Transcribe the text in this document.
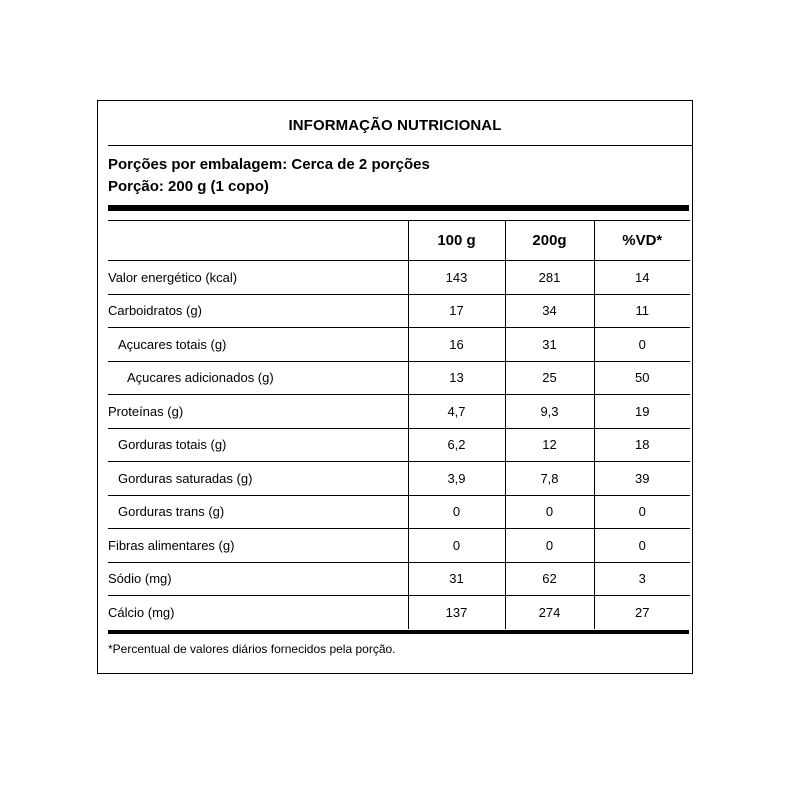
INFORMAÇÃO NUTRICIONAL
Porções por embalagem: Cerca de 2 porções
Porção: 200 g (1 copo)
	100 g	200g	%VD*
Valor energético (kcal)	143	281	14
Carboidratos (g)	17	34	11
Açucares totais (g)	16	31	0
Açucares adicionados (g)	13	25	50
Proteínas (g)	4,7	9,3	19
Gorduras totais (g)	6,2	12	18
Gorduras saturadas (g)	3,9	7,8	39
Gorduras trans (g)	0	0	0
Fibras alimentares (g)	0	0	0
Sódio (mg)	31	62	3
Cálcio (mg)	137	274	27
*Percentual de valores diários fornecidos pela porção.
